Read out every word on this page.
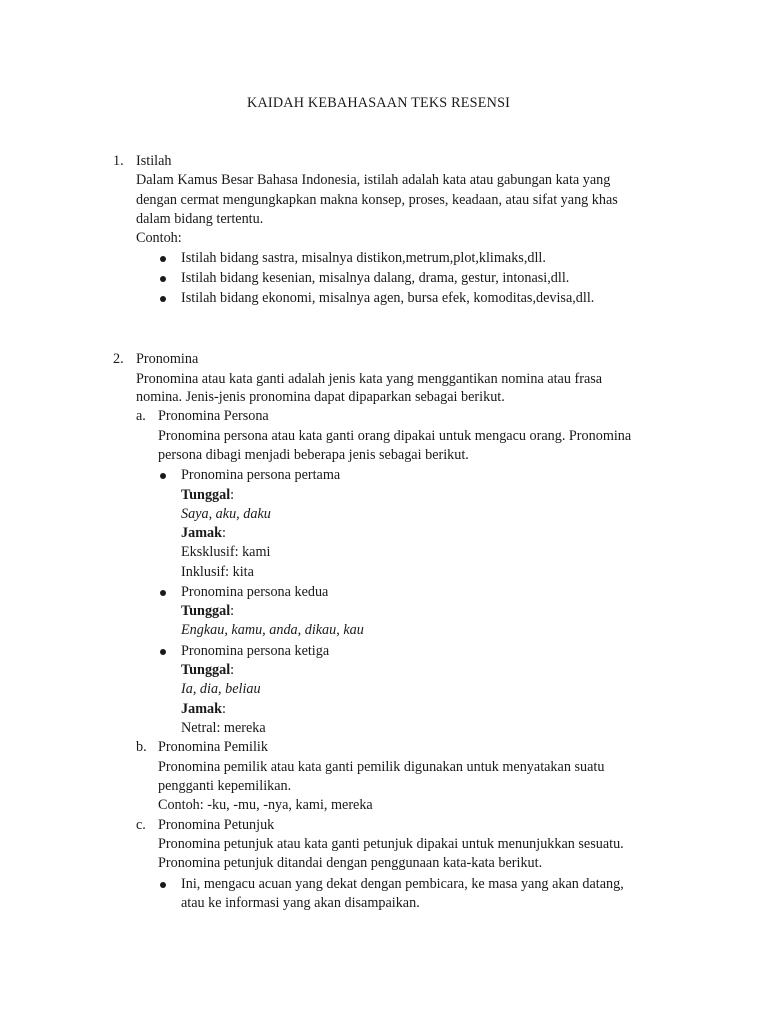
KAIDAH KEBAHASAAN TEKS RESENSI
1. Istilah
Dalam Kamus Besar Bahasa Indonesia, istilah adalah kata atau gabungan kata yang
dengan cermat mengungkapkan makna konsep, proses, keadaan, atau sifat yang khas
dalam bidang tertentu.
Contoh:
Istilah bidang sastra, misalnya distikon,metrum,plot,klimaks,dll.
Istilah bidang kesenian, misalnya dalang, drama, gestur, intonasi,dll.
Istilah bidang ekonomi, misalnya agen, bursa efek, komoditas,devisa,dll.
2. Pronomina
Pronomina atau kata ganti adalah jenis kata yang menggantikan nomina atau frasa
nomina. Jenis-jenis pronomina dapat dipaparkan sebagai berikut.
a. Pronomina Persona
Pronomina persona atau kata ganti orang dipakai untuk mengacu orang. Pronomina
persona dibagi menjadi beberapa jenis sebagai berikut.
Pronomina persona pertama
Tunggal:
Saya, aku, daku
Jamak:
Eksklusif: kami
Inklusif: kita
Pronomina persona kedua
Tunggal:
Engkau, kamu, anda, dikau, kau
Pronomina persona ketiga
Tunggal:
Ia, dia, beliau
Jamak:
Netral: mereka
b. Pronomina Pemilik
Pronomina pemilik atau kata ganti pemilik digunakan untuk menyatakan suatu
pengganti kepemilikan.
Contoh: -ku, -mu, -nya, kami, mereka
c. Pronomina Petunjuk
Pronomina petunjuk atau kata ganti petunjuk dipakai untuk menunjukkan sesuatu.
Pronomina petunjuk ditandai dengan penggunaan kata-kata berikut.
Ini, mengacu acuan yang dekat dengan pembicara, ke masa yang akan datang,
atau ke informasi yang akan disampaikan.
